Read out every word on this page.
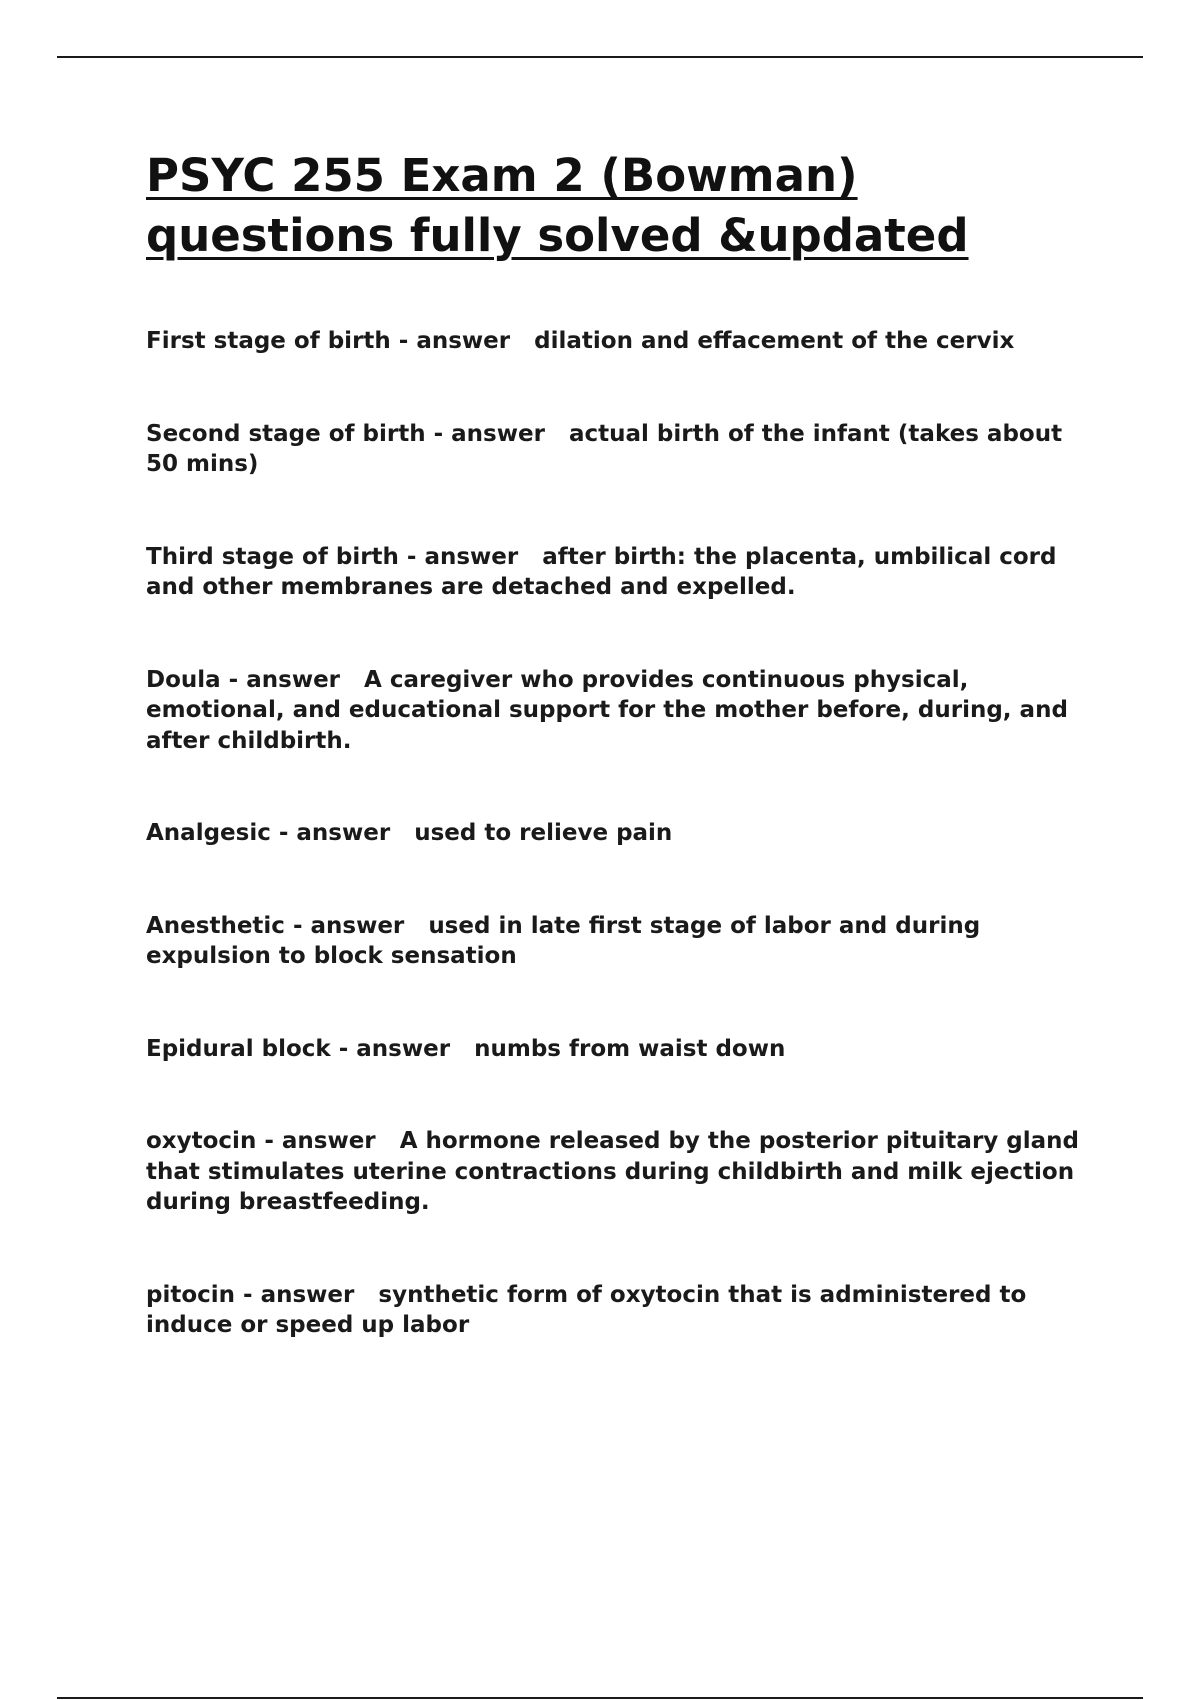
PSYC 255 Exam 2 (Bowman) questions fully solved &updated
First stage of birth - answer dilation and effacement of the cervix
Second stage of birth - answer actual birth of the infant (takes about 50 mins)
Third stage of birth - answer after birth: the placenta, umbilical cord and other membranes are detached and expelled.
Doula - answer A caregiver who provides continuous physical, emotional, and educational support for the mother before, during, and after childbirth.
Analgesic - answer used to relieve pain
Anesthetic - answer used in late first stage of labor and during expulsion to block sensation
Epidural block - answer numbs from waist down
oxytocin - answer A hormone released by the posterior pituitary gland that stimulates uterine contractions during childbirth and milk ejection during breastfeeding.
pitocin - answer synthetic form of oxytocin that is administered to induce or speed up labor
